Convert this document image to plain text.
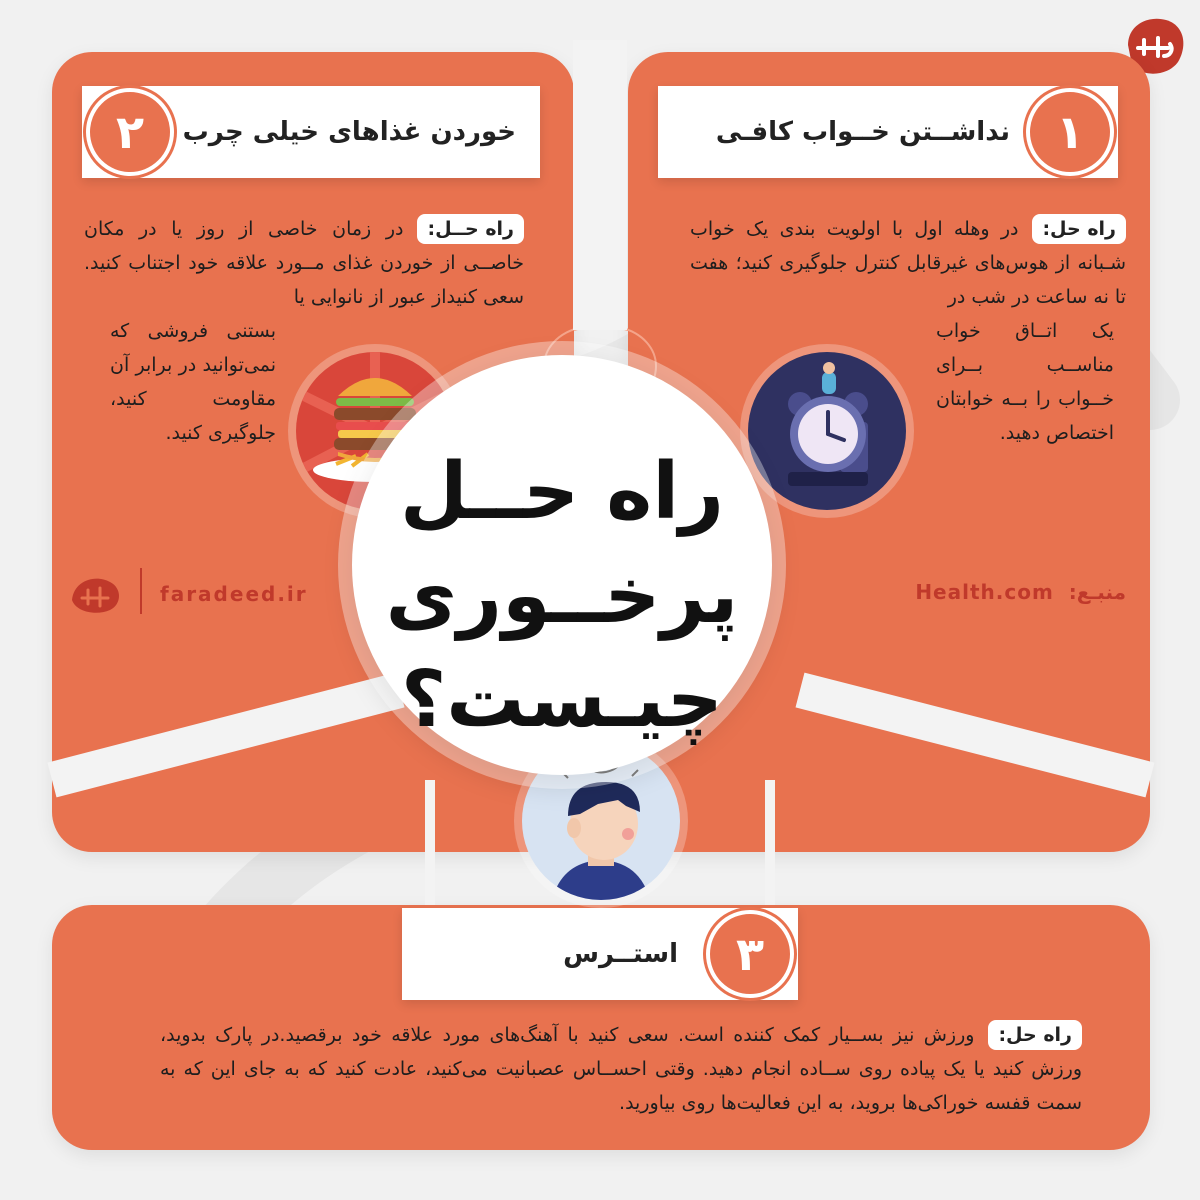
۱
نداشــتن خــواب کافـی
۲	خوردن غذاهای خیلی چرب
۳
استــرس
راه حل:در وهله اول با اولویت بندی یک خواب شـبانه از هوس‌های غیرقابل کنترل جلوگیری کنید؛ هفت تا نه ساعت در شب در
یک اتــاق خواب مناســب بــرای خــواب را بــه خوابتان اختصاص دهید.
راه حــل:در زمان خاصی از روز یا در مکان خاصــی از خوردن غذای مــورد علاقه خود اجتناب کنید. سعی کنیداز عبور از نانوایی یا
بستنی فروشی که نمی‌توانید در برابر آن مقاومت کنید، جلوگیری کنید.
راه حل:ورزش نیز بســیار کمک کننده است. سعی کنید با آهنگ‌های مورد علاقه خود برقصید.در پارک بدوید، ورزش کنید یا یک پیاده روی ســاده انجام دهید. وقتی احســاس عصبانیت می‌کنید، عادت کنید که به جای این که به سمت قفسه خوراکی‌ها بروید، به این فعالیت‌ها روی بیاورید.
راه حــل
پرخــوری
چیـست؟
منبـع: Health.com
faradeed.ir
